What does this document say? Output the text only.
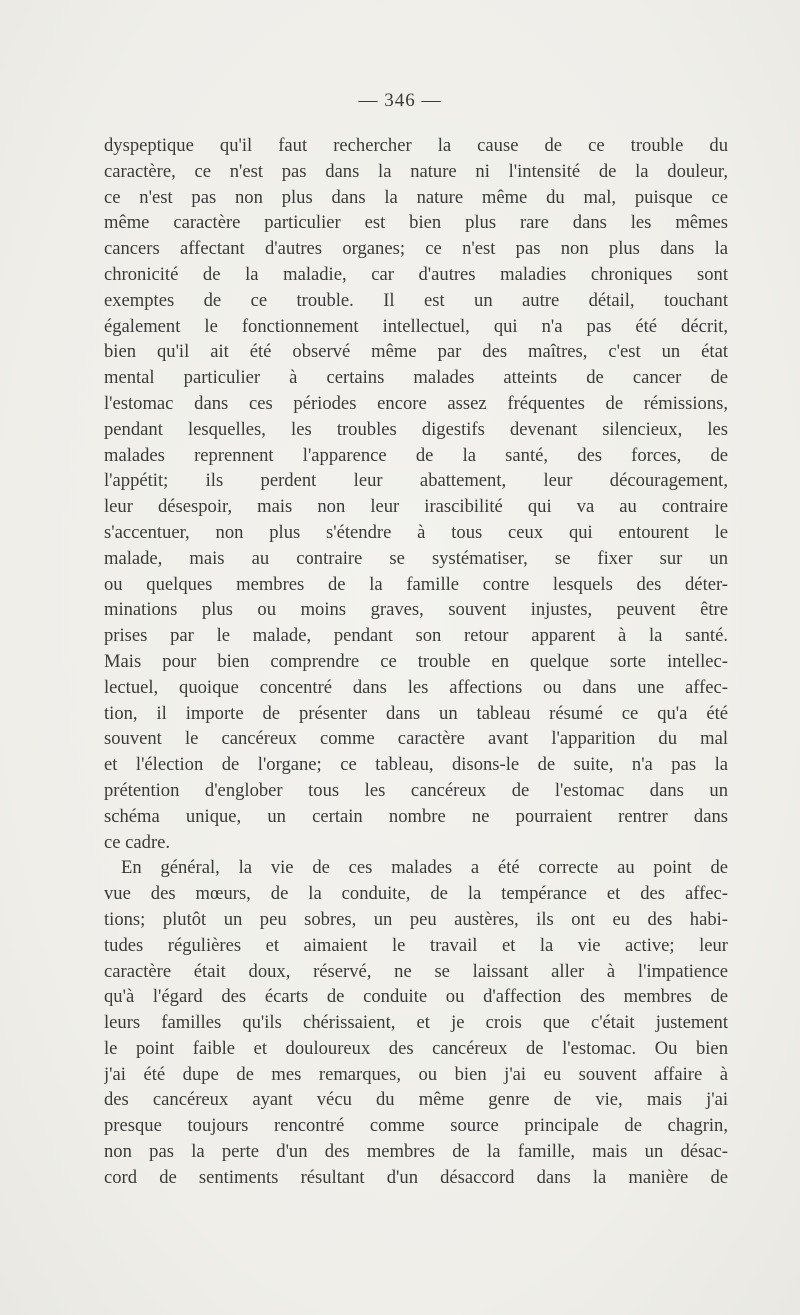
— 346 —
dyspeptique qu'il faut rechercher la cause de ce trouble du
caractère, ce n'est pas dans la nature ni l'intensité de la douleur,
ce n'est pas non plus dans la nature même du mal, puisque ce
même caractère particulier est bien plus rare dans les mêmes
cancers affectant d'autres organes; ce n'est pas non plus dans la
chronicité de la maladie, car d'autres maladies chroniques sont
exemptes de ce trouble. Il est un autre détail, touchant
également le fonctionnement intellectuel, qui n'a pas été décrit,
bien qu'il ait été observé même par des maîtres, c'est un état
mental particulier à certains malades atteints de cancer de
l'estomac dans ces périodes encore assez fréquentes de rémissions,
pendant lesquelles, les troubles digestifs devenant silencieux, les
malades reprennent l'apparence de la santé, des forces, de
l'appétit; ils perdent leur abattement, leur découragement,
leur désespoir, mais non leur irascibilité qui va au contraire
s'accentuer, non plus s'étendre à tous ceux qui entourent le
malade, mais au contraire se systématiser, se fixer sur un
ou quelques membres de la famille contre lesquels des déter-
minations plus ou moins graves, souvent injustes, peuvent être
prises par le malade, pendant son retour apparent à la santé.
Mais pour bien comprendre ce trouble en quelque sorte intellec-
lectuel, quoique concentré dans les affections ou dans une affec-
tion, il importe de présenter dans un tableau résumé ce qu'a été
souvent le cancéreux comme caractère avant l'apparition du mal
et l'élection de l'organe; ce tableau, disons-le de suite, n'a pas la
prétention d'englober tous les cancéreux de l'estomac dans un
schéma unique, un certain nombre ne pourraient rentrer dans
ce cadre.
En général, la vie de ces malades a été correcte au point de
vue des mœurs, de la conduite, de la tempérance et des affec-
tions; plutôt un peu sobres, un peu austères, ils ont eu des habi-
tudes régulières et aimaient le travail et la vie active; leur
caractère était doux, réservé, ne se laissant aller à l'impatience
qu'à l'égard des écarts de conduite ou d'affection des membres de
leurs familles qu'ils chérissaient, et je crois que c'était justement
le point faible et douloureux des cancéreux de l'estomac. Ou bien
j'ai été dupe de mes remarques, ou bien j'ai eu souvent affaire à
des cancéreux ayant vécu du même genre de vie, mais j'ai
presque toujours rencontré comme source principale de chagrin,
non pas la perte d'un des membres de la famille, mais un désac-
cord de sentiments résultant d'un désaccord dans la manière de
